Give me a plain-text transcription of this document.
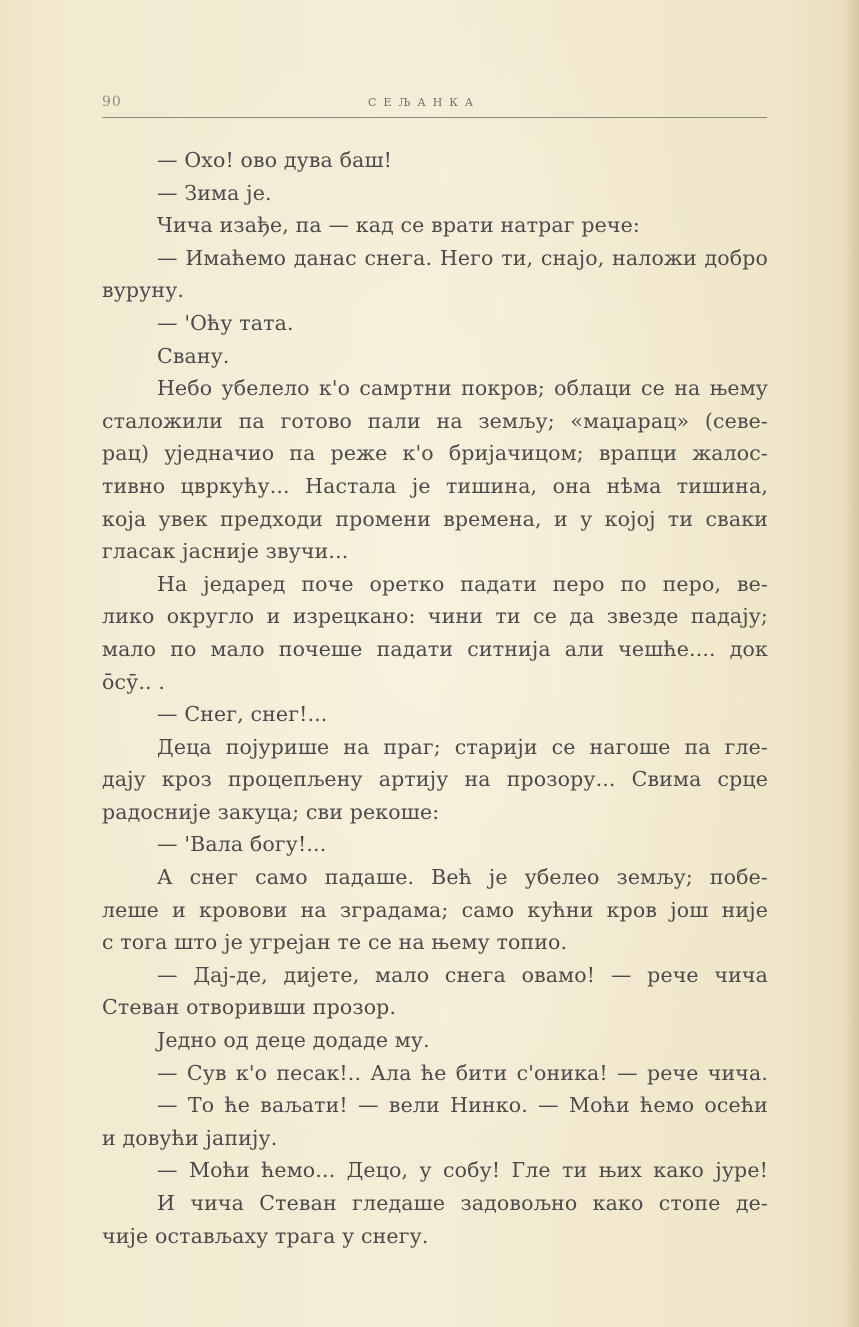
90	СЕЉАНКА
— Охо! ово дува баш!
— Зима је.
Чича изађе, па — кад се врати натраг рече:
— Имаћемо данас снега. Него ти, снајо, наложи добро
вуруну.
— 'Оћу тата.
Свану.
Небо убелело к'о самртни покров; облаци се на њему
сталожили па готово пали на земљу; «маџарац» (севе-
рац) уједначио па реже к'о бријачицом; врапци жалос-
тивно цвркућу... Настала је тишина, она нѣма тишина,
која увек предходи промени времена, и у којој ти сваки
гласак јасније звучи...
На једаред поче оретко падати перо по перо, ве-
лико округло и изрецкано: чини ти се да звезде падају;
мало по мало почеше падати ситнија али чешће.... док
ōсӯ.. .
— Снег, снег!...
Деца појурише на праг; старији се нагоше па гле-
дају кроз процепљену артију на прозору... Свима срце
радосније закуца; сви рекоше:
— 'Вала богу!...
А снег само падаше. Већ је убелео земљу; побе-
леше и кровови на зградама; само кућни кров још није
с тога што је угрејан те се на њему топио.
— Дај-де, дијете, мало снега овамо! — рече чича
Стеван отворивши прозор.
Једно од деце додаде му.
— Сув к'о песак!.. Ала ће бити с'оника! — рече чича.
— То ће ваљати! — вели Нинко. — Моћи ћемо осећи
и довући јапију.
— Моћи ћемо... Децо, у собу! Гле ти њих како јуре!
И чича Стеван гледаше задовољно како стопе де-
чије остављаху трага у снегу.
